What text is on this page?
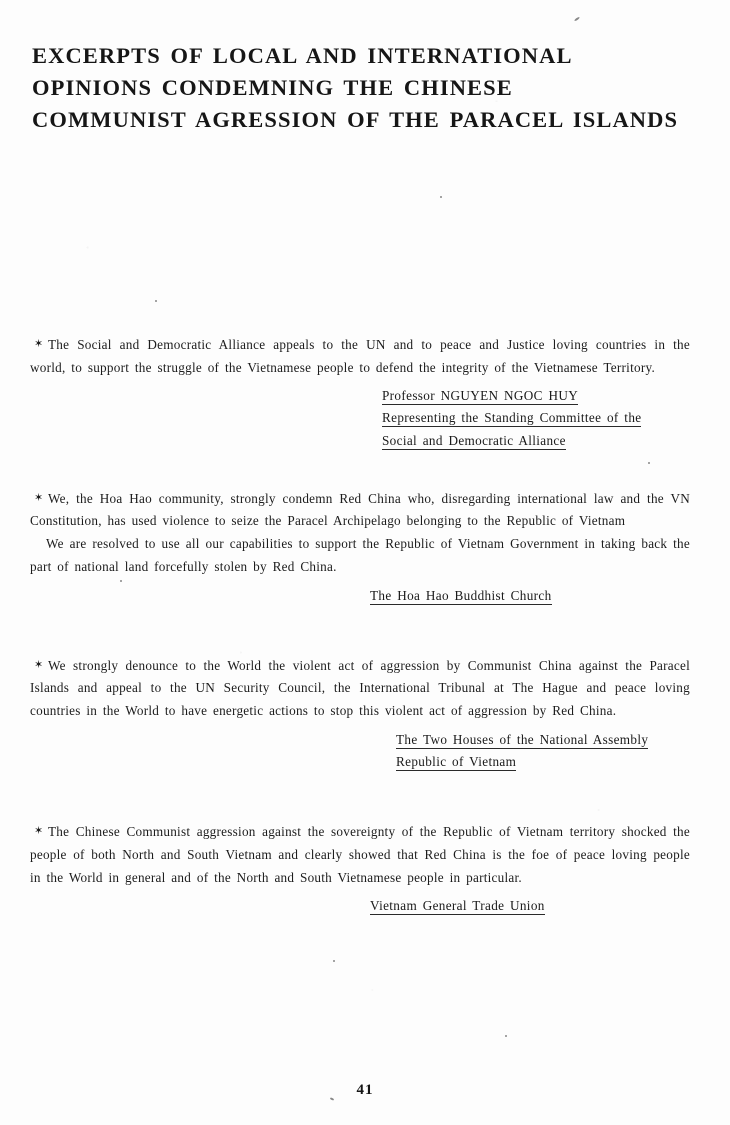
EXCERPTS OF LOCAL AND INTERNATIONAL
OPINIONS CONDEMNING THE CHINESE
COMMUNIST AGRESSION OF THE PARACEL ISLANDS

✶ The Social and Democratic Alliance appeals to the UN and to peace and Justice loving countries in the world, to support the struggle of the Vietnamese people to defend the integrity of the Vietnamese Territory.

Professor NGUYEN NGOC HUY
Representing the Standing Committee of the
Social and Democratic Alliance

✶ We, the Hoa Hao community, strongly condemn Red China who, disregarding international law and the VN Constitution, has used violence to seize the Paracel Archipelago belonging to the Republic of Vietnam

We are resolved to use all our capabilities to support the Republic of Vietnam Government in taking back the part of national land forcefully stolen by Red China.

The Hoa Hao Buddhist Church

✶ We strongly denounce to the World the violent act of aggression by Communist China against the Paracel Islands and appeal to the UN Security Council, the International Tribunal at The Hague and peace loving countries in the World to have energetic actions to stop this violent act of aggression by Red China.

The Two Houses of the National Assembly
Republic of Vietnam

✶ The Chinese Communist aggression against the sovereignty of the Republic of Vietnam territory shocked the people of both North and South Vietnam and clearly showed that Red China is the foe of peace loving people in the World in general and of the North and South Vietnamese people in particular.

Vietnam General Trade Union
41
